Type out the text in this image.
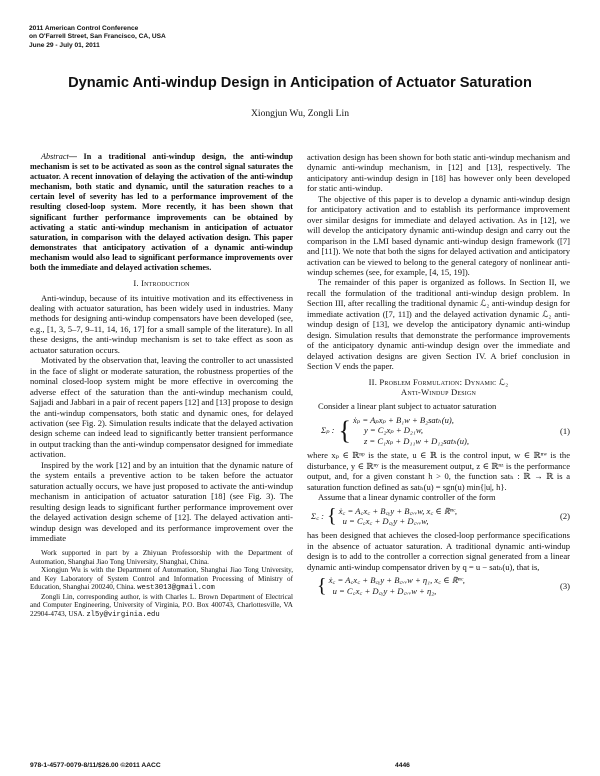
2011 American Control Conference
on O'Farrell Street, San Francisco, CA, USA
June 29 - July 01, 2011
Dynamic Anti-windup Design in Anticipation of Actuator Saturation
Xiongjun Wu, Zongli Lin

Abstract— In a traditional anti-windup design, the anti-windup mechanism is set to be activated as soon as the control signal saturates the actuator. A recent innovation of delaying the activation of the anti-windup mechanism, both static and dynamic, until the saturation reaches to a certain level of severity has led to a performance improvement of the resulting closed-loop system. More recently, it has been shown that significant further performance improvements can be obtained by activating a static anti-windup mechanism in anticipation of actuator saturation, in comparison with the delayed activation design. This paper demonstrates that anticipatory activation of a dynamic anti-windup mechanism would also lead to significant performance improvements over both the immediate and delayed activation schemes.

I. Introduction

Anti-windup, because of its intuitive motivation and its effectiveness in dealing with actuator saturation, has been widely used in industries. Many methods for designing anti-windup compensators have been developed (see, e.g., [1, 3, 5–7, 9–11, 14, 16, 17] for a small sample of the literature). In all these designs, the anti-windup mechanism is set to take effect as soon as actuator saturation occurs.

Motivated by the observation that, leaving the controller to act unassisted in the face of slight or moderate saturation, the robustness properties of the nominal closed-loop system might be more effective in overcoming the adverse effect of the saturation than the anti-windup mechanism could, Sajjadi and Jabbari in a pair of recent papers [12] and [13] propose to design the anti-windup compensators, both static and dynamic ones, for delayed activation (see Fig. 2). Simulation results indicate that the delayed activation design scheme can indeed lead to significantly better transient performance in output tracking than the anti-windup compensator designed for immediate activation.

Inspired by the work [12] and by an intuition that the dynamic nature of the system entails a preventive action to be taken before the actuator saturation actually occurs, we have just proposed to activate the anti-windup mechanism in anticipation of actuator saturation [18] (see Fig. 3). The resulting design leads to significant further performance improvement over the delayed activation design scheme of [12]. The delayed activation anti-windup design was developed and its performance improvement over the immediate

Work supported in part by a Zhiyuan Professorship with the Department of Automation, Shanghai Jiao Tong University, Shanghai, China.

Xiongjun Wu is with the Department of Automation, Shanghai Jiao Tong University, and Key Laboratory of System Control and Information Processing of Ministry of Education, Shanghai 200240, China. west3013@gmail.com

Zongli Lin, corresponding author, is with Charles L. Brown Department of Electrical and Computer Engineering, University of Virginia, P.O. Box 400743, Charlottesville, VA 22904-4743, USA. zl5y@virginia.edu

activation design has been shown for both static anti-windup mechanism and dynamic anti-windup mechanism, in [12] and [13], respectively. The anticipatory anti-windup design in [18] has however only been developed for static anti-windup.

The objective of this paper is to develop a dynamic anti-windup design for anticipatory activation and to establish its performance improvement over similar designs for immediate and delayed activation. As in [12], we will develop the anticipatory dynamic anti-windup design and carry out the comparison in the LMI based dynamic anti-windup design framework ([7] and [11]). We note that both the signs for delayed activation and anticipatory activation can be viewed to belong to the general category of nonlinear anti-windup schemes (see, for example, [4, 15, 19]).

The remainder of this paper is organized as follows. In Section II, we recall the formulation of the traditional anti-windup design problem. In Section III, after recalling the traditional dynamic ℒ₂ anti-windup design for immediate activation ([7, 11]) and the delayed activation dynamic ℒ₂ anti-windup design of [13], we develop the anticipatory dynamic anti-windup design. Simulation results that demonstrate the performance improvements of the anticipatory dynamic anti-windup design over the immediate and delayed activation designs are given Section IV. A brief conclusion in Section V ends the paper.

II. Problem Formulation: Dynamic ℒ₂
Anti-Windup Design

Consider a linear plant subject to actuator saturation

Σₚ : { ẋₚ = Aₚxₚ + B₁w + B₂satₕ(u),
y = C₂xₚ + D₂₁w,
z = C₁xₚ + D₁₁w + D₁₂satₕ(u),
(1)

where xₚ ∈ ℝⁿᵖ is the state, u ∈ ℝ is the control input, w ∈ ℝⁿʷ is the disturbance, y ∈ ℝⁿʸ is the measurement output, z ∈ ℝⁿᶻ is the performance output, and, for a given constant h > 0, the function satₕ : ℝ → ℝ is a saturation function defined as satₕ(u) = sgn(u) min{|u|, h}.

Assume that a linear dynamic controller of the form

Σ꜀ : { ẋ꜀ = A꜀x꜀ + B꜀ᵧy + B꜀ᵥᵥw, x꜀ ∈ ℝⁿᶜ,
u = C꜀x꜀ + D꜀ᵧy + D꜀ᵥᵥw,
(2)

has been designed that achieves the closed-loop performance specifications in the absence of actuator saturation. A traditional dynamic anti-windup design is to add to the controller a correction signal generated from a linear dynamic anti-windup compensator driven by q = u − satₕ(u), that is,

{ ẋ꜀ = A꜀x꜀ + B꜀ᵧy + B꜀ᵥᵥw + η₁, x꜀ ∈ ℝⁿᶜ,
u = C꜀x꜀ + D꜀ᵧy + D꜀ᵥᵥw + η₂,
(3)
978-1-4577-0079-8/11/$26.00 ©2011 AACC	4446
